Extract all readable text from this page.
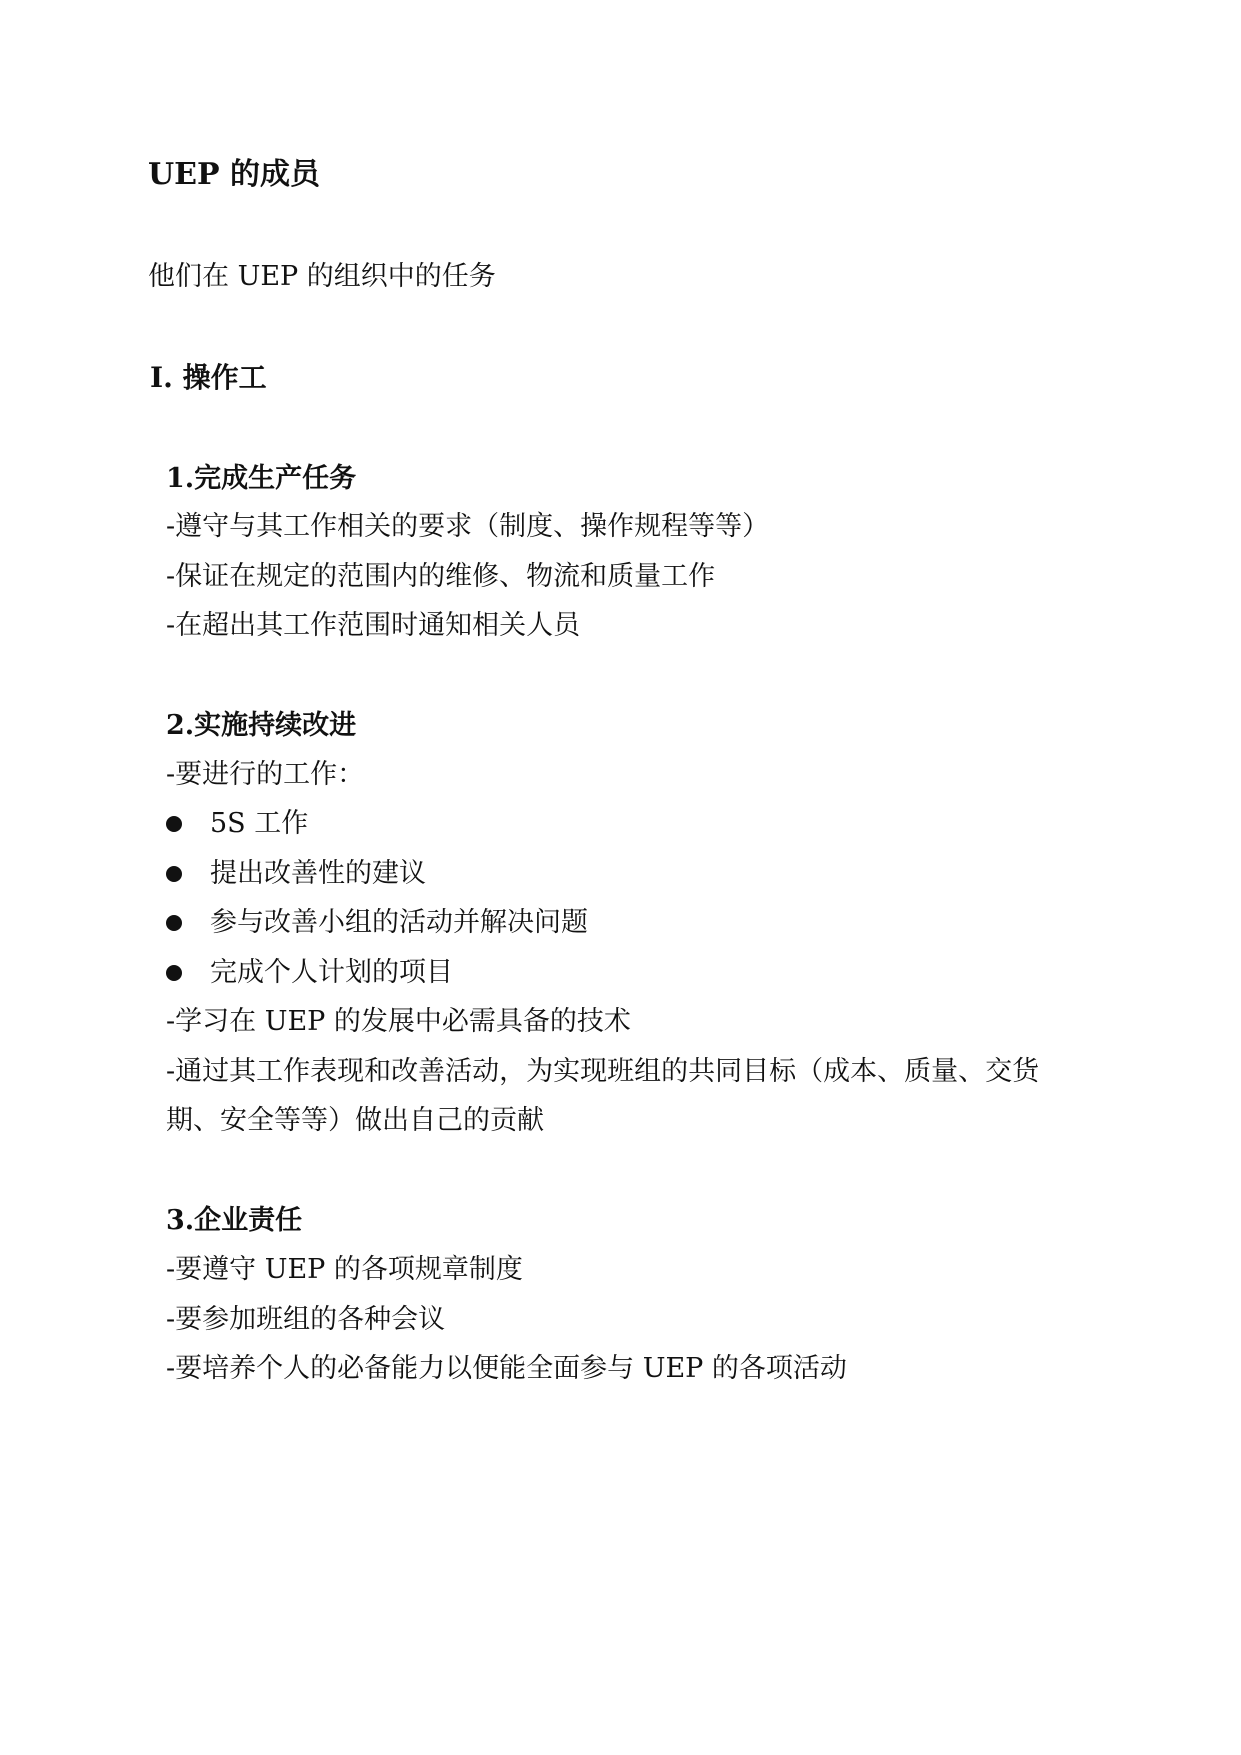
UEP 的成员
他们在 UEP 的组织中的任务
Ⅰ. 操作工
1.完成生产任务
-遵守与其工作相关的要求（制度、操作规程等等）
-保证在规定的范围内的维修、物流和质量工作
-在超出其工作范围时通知相关人员
2.实施持续改进
-要进行的工作：
5S 工作
提出改善性的建议
参与改善小组的活动并解决问题
完成个人计划的项目
-学习在 UEP 的发展中必需具备的技术
-通过其工作表现和改善活动，为实现班组的共同目标（成本、质量、交货
期、安全等等）做出自己的贡献
3.企业责任
-要遵守 UEP 的各项规章制度
-要参加班组的各种会议
-要培养个人的必备能力以便能全面参与 UEP 的各项活动
